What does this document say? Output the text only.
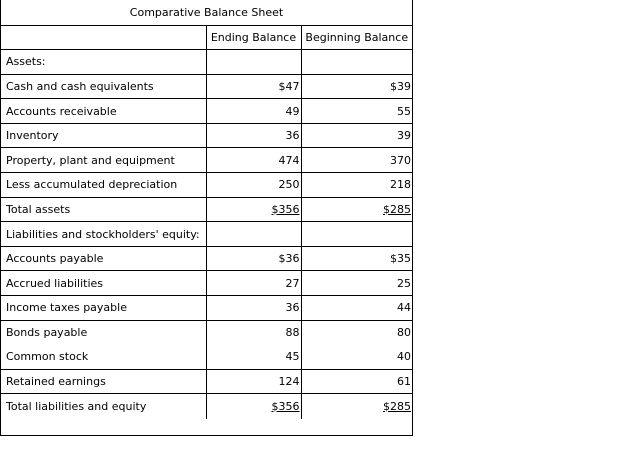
Comparative Balance Sheet
	Ending Balance	Beginning Balance
Assets:		
Cash and cash equivalents	$47	$39
Accounts receivable	49	55
Inventory	36	39
Property, plant and equipment	474	370
Less accumulated depreciation	250	218
Total assets	$356	$285
Liabilities and stockholders' equity:		
Accounts payable	$36	$35
Accrued liabilities	27	25
Income taxes payable	36	44
Bonds payable	88	80
Common stock	45	40
Retained earnings	124	61
Total liabilities and equity	$356	$285
